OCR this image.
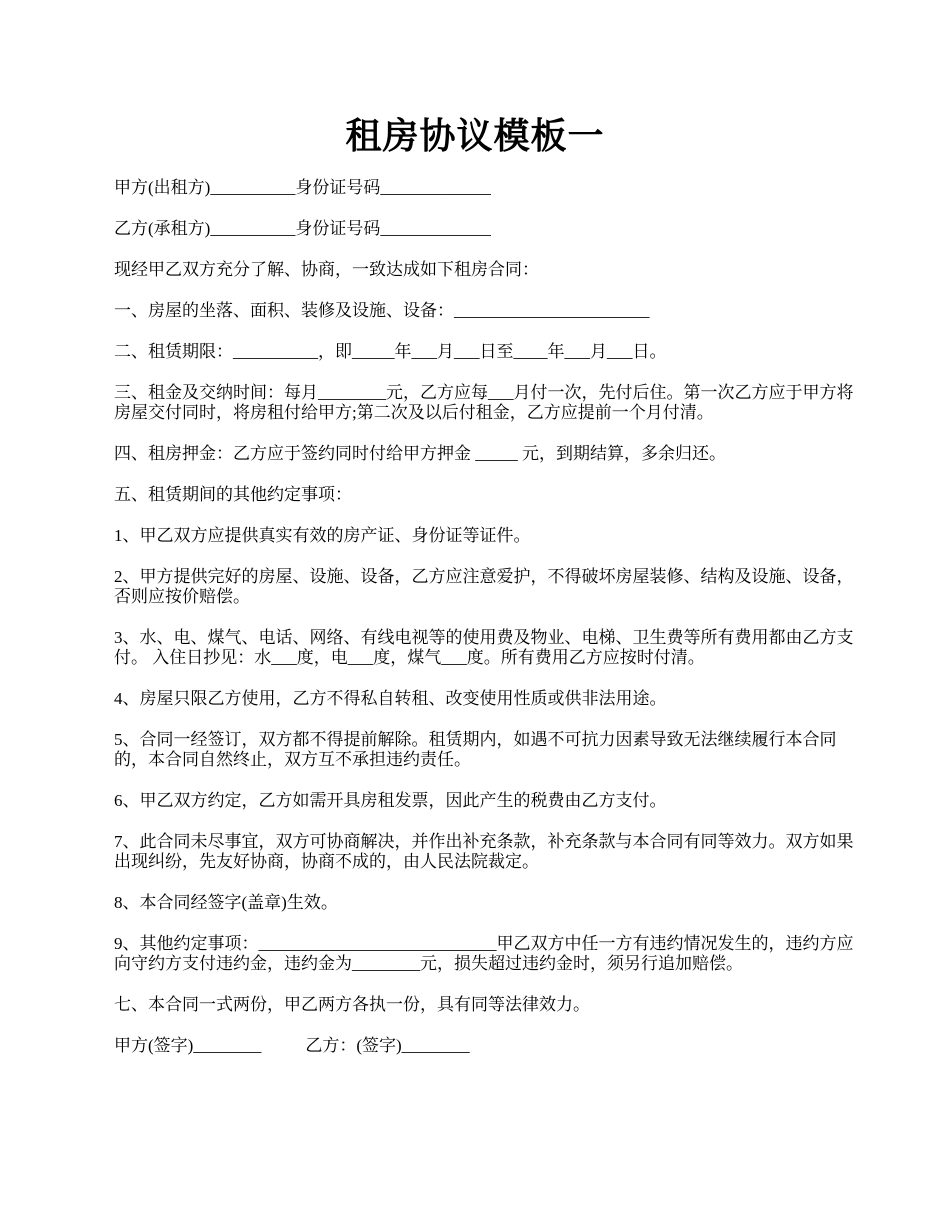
租房协议模板一

甲方(出租方)__________身份证号码_____________

乙方(承租方)__________身份证号码_____________

现经甲乙双方充分了解、协商，一致达成如下租房合同：

一、房屋的坐落、面积、装修及设施、设备：_______________________

二、租赁期限：__________，即_____年___月___日至____年___月___日。

三、租金及交纳时间：每月________元，乙方应每___月付一次，先付后住。第一次乙方应于甲方将房屋交付同时，将房租付给甲方;第二次及以后付租金，乙方应提前一个月付清。

四、租房押金：乙方应于签约同时付给甲方押金 _____ 元，到期结算，多余归还。

五、租赁期间的其他约定事项：

1、甲乙双方应提供真实有效的房产证、身份证等证件。

2、甲方提供完好的房屋、设施、设备，乙方应注意爱护，不得破坏房屋装修、结构及设施、设备，否则应按价赔偿。

3、水、电、煤气、电话、网络、有线电视等的使用费及物业、电梯、卫生费等所有费用都由乙方支付。 入住日抄见：水___度，电___度，煤气___度。所有费用乙方应按时付清。

4、房屋只限乙方使用，乙方不得私自转租、改变使用性质或供非法用途。

5、合同一经签订，双方都不得提前解除。租赁期内，如遇不可抗力因素导致无法继续履行本合同的，本合同自然终止，双方互不承担违约责任。

6、甲乙双方约定，乙方如需开具房租发票，因此产生的税费由乙方支付。

7、此合同未尽事宜，双方可协商解决，并作出补充条款，补充条款与本合同有同等效力。双方如果出现纠纷，先友好协商，协商不成的，由人民法院裁定。

8、本合同经签字(盖章)生效。

9、其他约定事项：____________________________甲乙双方中任一方有违约情况发生的，违约方应向守约方支付违约金，违约金为________元，损失超过违约金时，须另行追加赔偿。

七、本合同一式两份，甲乙两方各执一份，具有同等法律效力。

甲方(签字)________	乙方：(签字)________
